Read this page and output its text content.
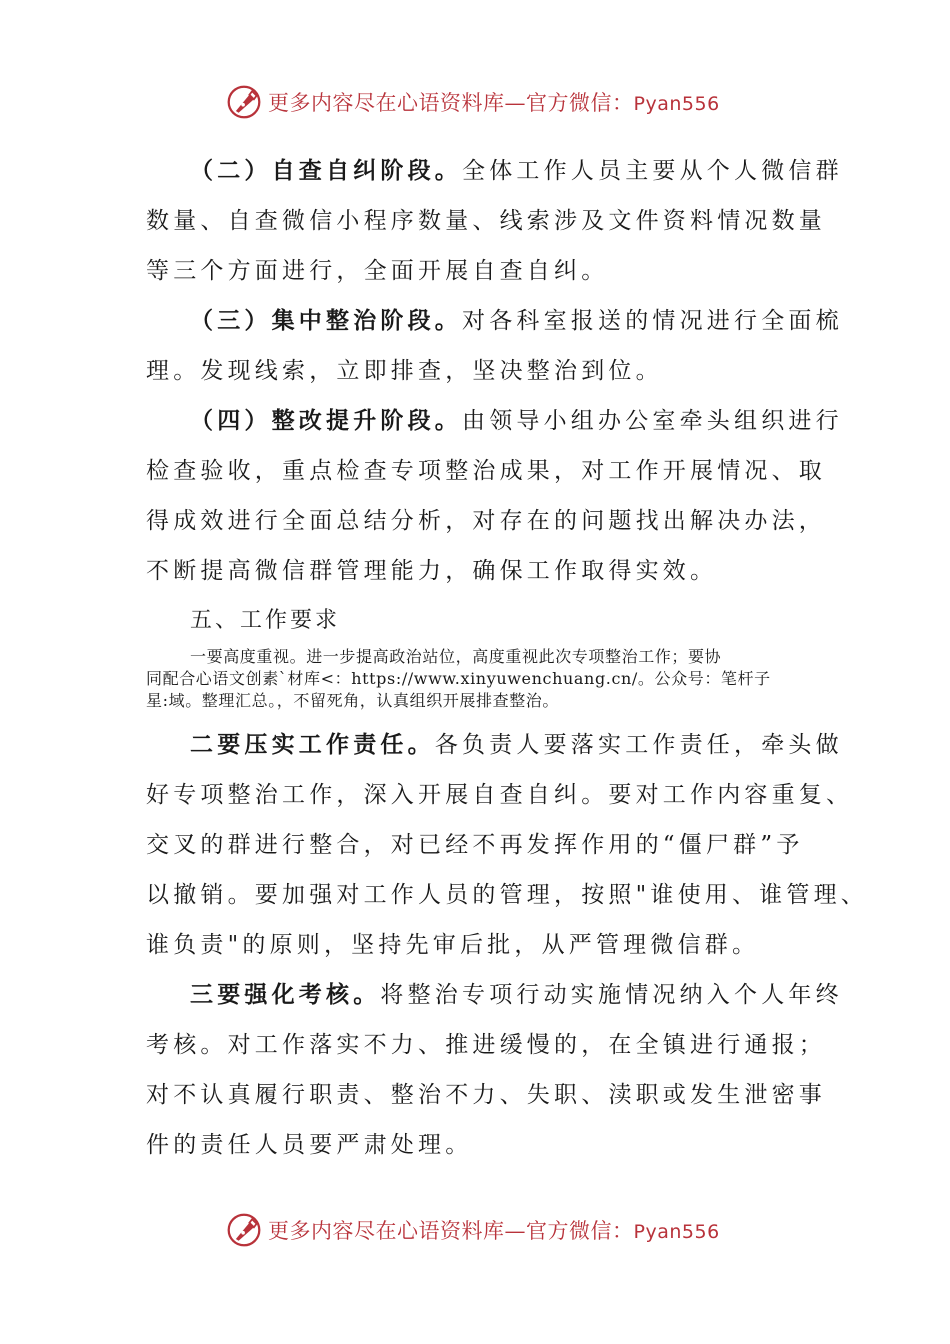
更多内容尽在心语资料库—官方微信：Pyan556

（二）自查自纠阶段。全体工作人员主要从个人微信群
数量、自查微信小程序数量、线索涉及文件资料情况数量
等三个方面进行，全面开展自查自纠。

（三）集中整治阶段。对各科室报送的情况进行全面梳
理。发现线索，立即排查，坚决整治到位。

（四）整改提升阶段。由领导小组办公室牵头组织进行
检查验收，重点检查专项整治成果，对工作开展情况、取
得成效进行全面总结分析，对存在的问题找出解决办法，
不断提高微信群管理能力，确保工作取得实效。

五、工作要求

一要高度重视。进一步提高政治站位，高度重视此次专项整治工作；要协
同配合心语文创素`材库<：https://www.xinyuwenchuang.cn/。公众号：笔杆子
星:域。整理汇总。，不留死角，认真组织开展排查整治。

二要压实工作责任。各负责人要落实工作责任，牵头做
好专项整治工作，深入开展自查自纠。要对工作内容重复、
交叉的群进行整合，对已经不再发挥作用的“僵尸群”予
以撤销。要加强对工作人员的管理，按照"谁使用、谁管理、
谁负责"的原则，坚持先审后批，从严管理微信群。

三要强化考核。将整治专项行动实施情况纳入个人年终
考核。对工作落实不力、推进缓慢的，在全镇进行通报；
对不认真履行职责、整治不力、失职、渎职或发生泄密事
件的责任人员要严肃处理。

更多内容尽在心语资料库—官方微信：Pyan556
